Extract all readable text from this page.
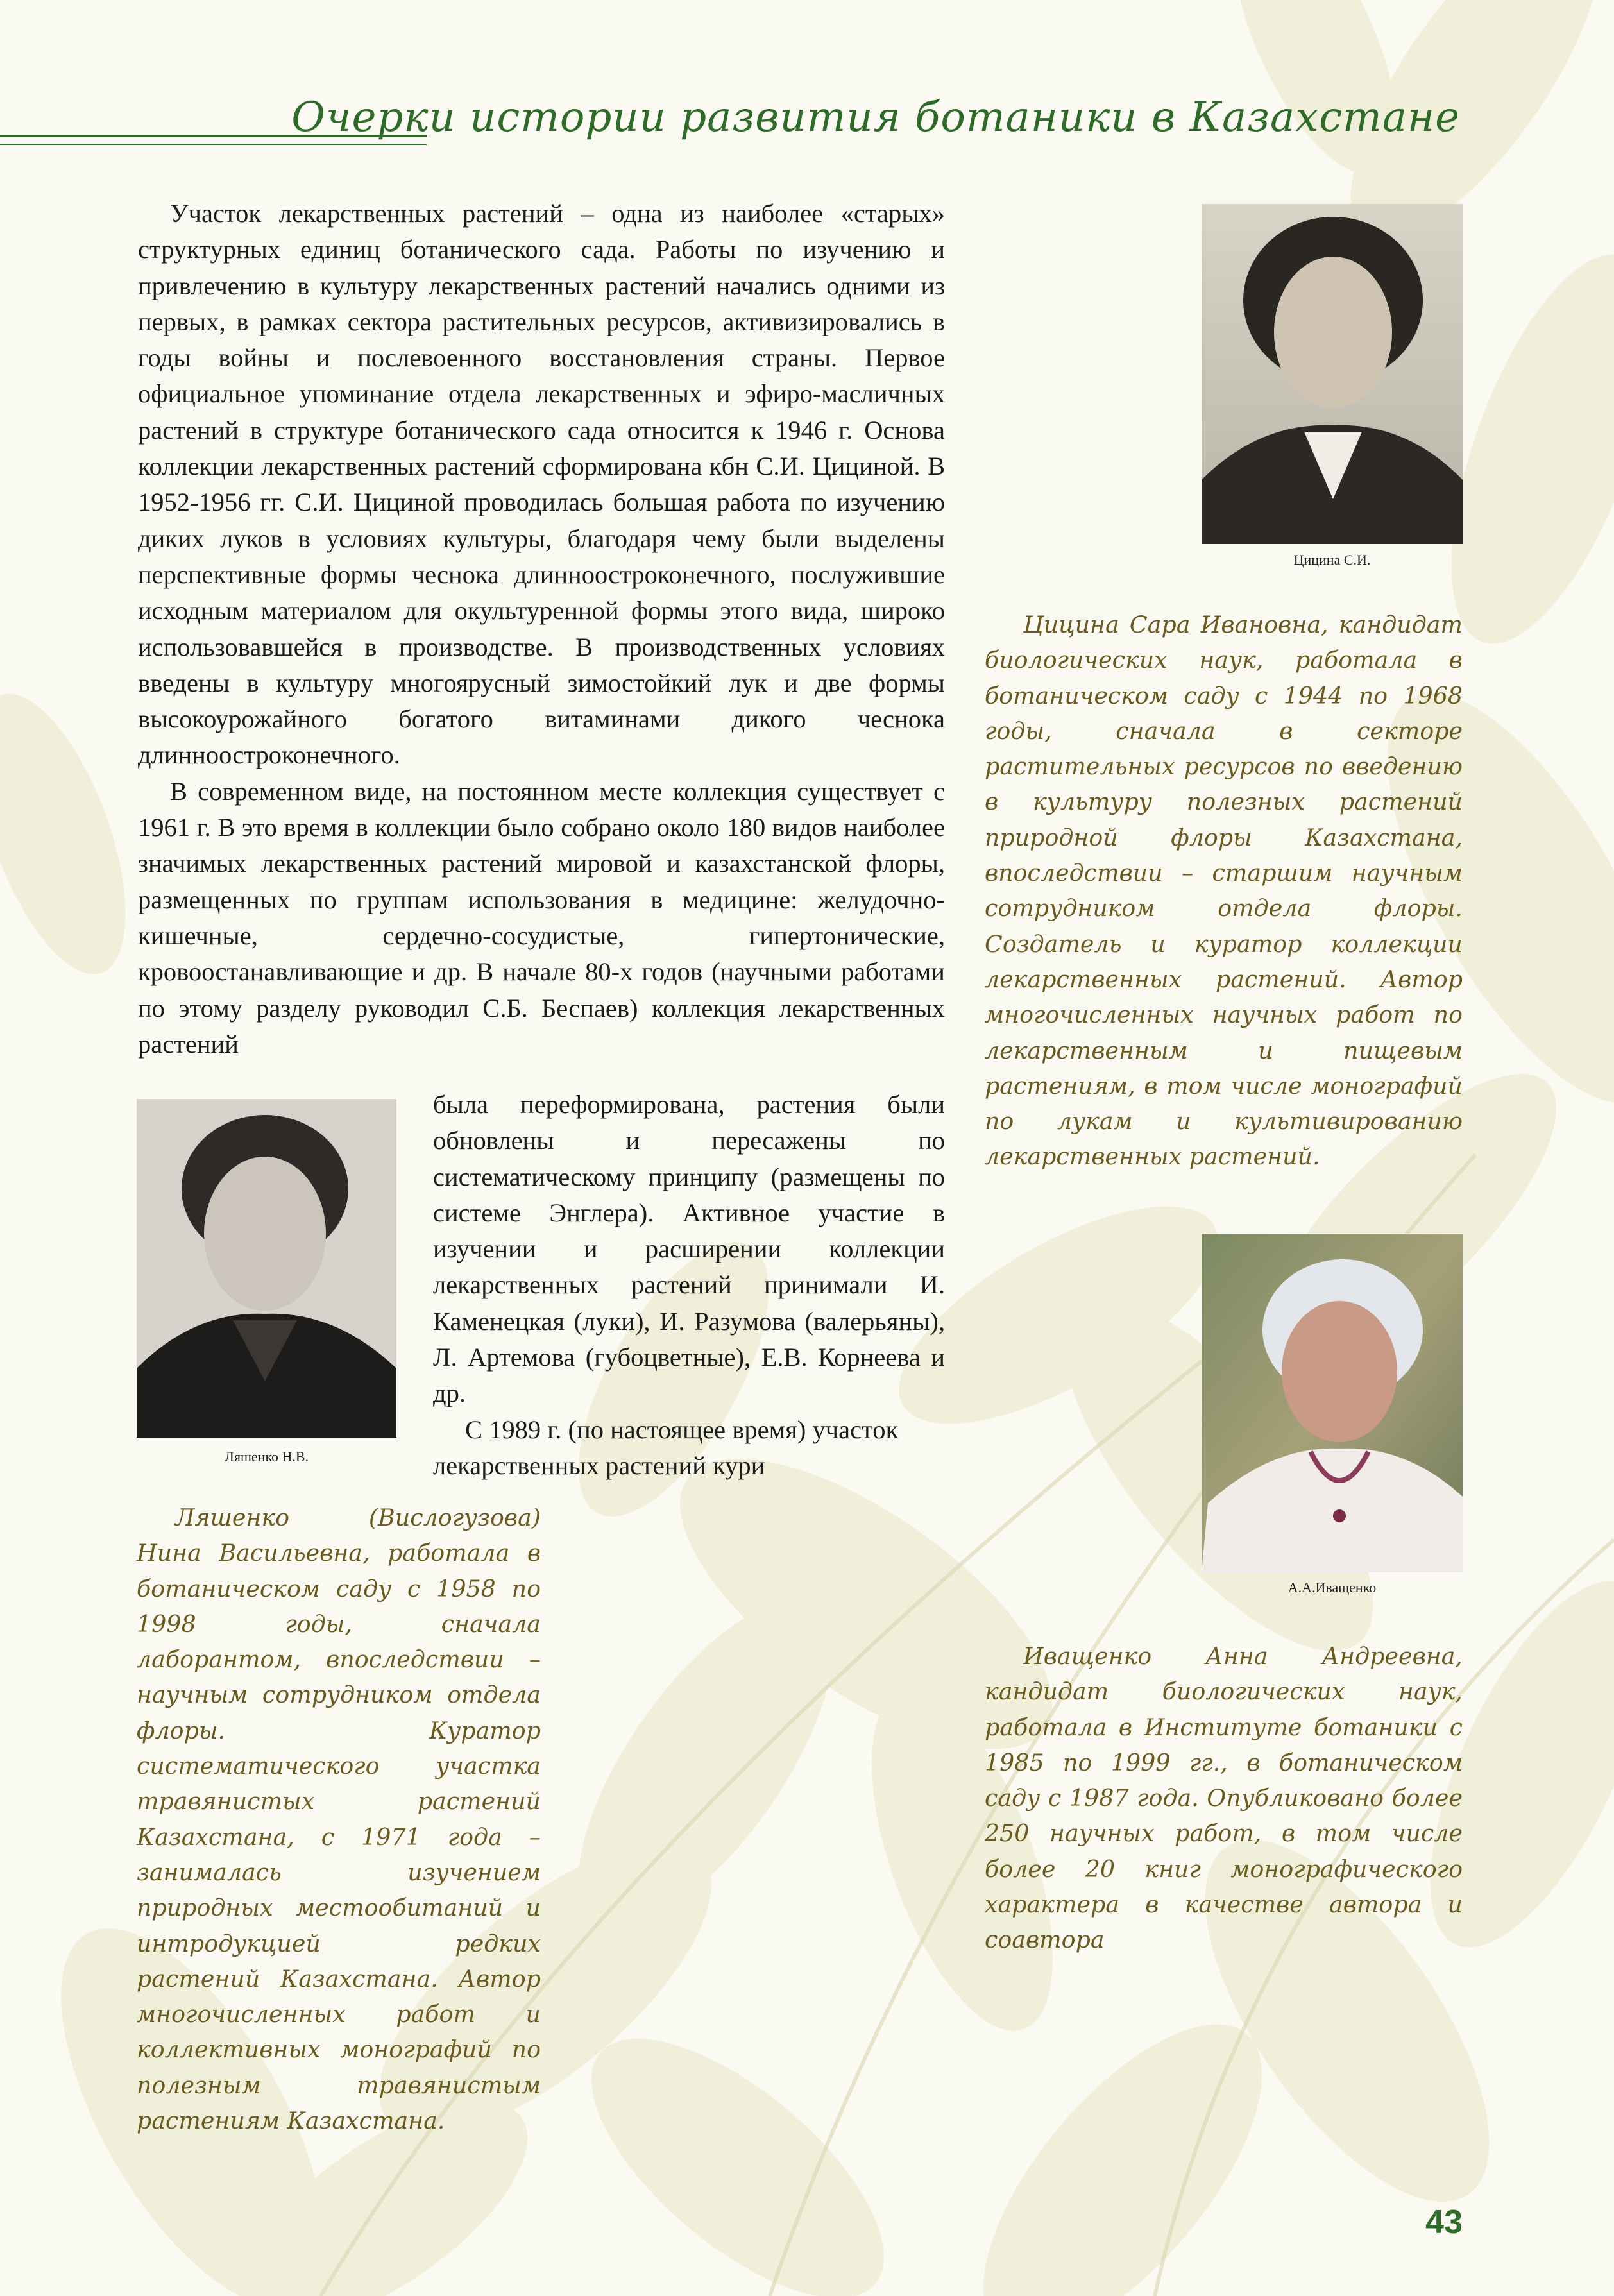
Очерки истории развития ботаники в Казахстане

Участок лекарственных растений – одна из наиболее «старых» структурных единиц ботанического сада. Работы по изучению и привлечению в культуру лекарственных растений начались одними из первых, в рамках сектора растительных ресурсов, активизировались в годы войны и послевоенного восстановления страны. Первое официальное упоминание отдела лекарственных и эфиро-масличных растений в структуре ботанического сада относится к 1946 г. Основа коллекции лекарственных растений сформирована кбн С.И. Цициной. В 1952-1956 гг. С.И. Цициной проводилась большая работа по изучению диких луков в условиях культуры, благодаря чему были выделены перспективные формы чеснока длинноостроконечного, послужившие исходным материалом для окультуренной формы этого вида, широко использовавшейся в производстве. В производственных условиях введены в культуру многоярусный зимостойкий лук и две формы высокоурожайного богатого витаминами дикого чеснока длинноостроконечного.

В современном виде, на постоянном месте коллекция существует с 1961 г. В это время в коллекции было собрано около 180 видов наиболее значимых лекарственных растений мировой и казахстанской флоры, размещенных по группам использования в медицине: желудочно-кишечные, сердечно-сосудистые, гипертонические, кровоостанавливающие и др. В начале 80-х годов (научными работами по этому разделу руководил С.Б. Беспаев) коллекция лекарственных растений

была переформирована, растения были обновлены и пересажены по систематическому принципу (размещены по системе Энглера). Активное участие в изучении и расширении коллекции лекарственных растений принимали И. Каменецкая (луки), И. Разумова (валерьяны), Л. Артемова (губоцветные), Е.В. Корнеева и др.

С 1989 г. (по настоящее время) участок лекарственных растений кури

Цицина С.И.

Цицина Сара Ивановна, кандидат биологических наук, работала в ботаническом саду с 1944 по 1968 годы, сначала в секторе растительных ресурсов по введению в культуру полезных растений природной флоры Казахстана, впоследствии – старшим научным сотрудником отдела флоры. Создатель и куратор коллекции лекарственных растений. Автор многочисленных научных работ по лекарственным и пищевым растениям, в том числе монографий по лукам и культивированию лекарственных растений.

Ляшенко Н.В.

Ляшенко (Вислогузова) Нина Васильевна, работала в ботаническом саду с 1958 по 1998 годы, сначала лаборантом, впоследствии – научным сотрудником отдела флоры. Куратор систематического участка травянистых растений Казахстана, с 1971 года – занималась изучением природных местообитаний и интродукцией редких растений Казахстана. Автор многочисленных работ и коллективных монографий по полезным травянистым растениям Казахстана.

А.А.Иващенко

Иващенко Анна Андреевна, кандидат биологических наук, работала в Институте ботаники с 1985 по 1999 гг., в ботаническом саду с 1987 года. Опубликовано более 250 научных работ, в том числе более 20 книг монографического характера в качестве автора и соавтора

43
